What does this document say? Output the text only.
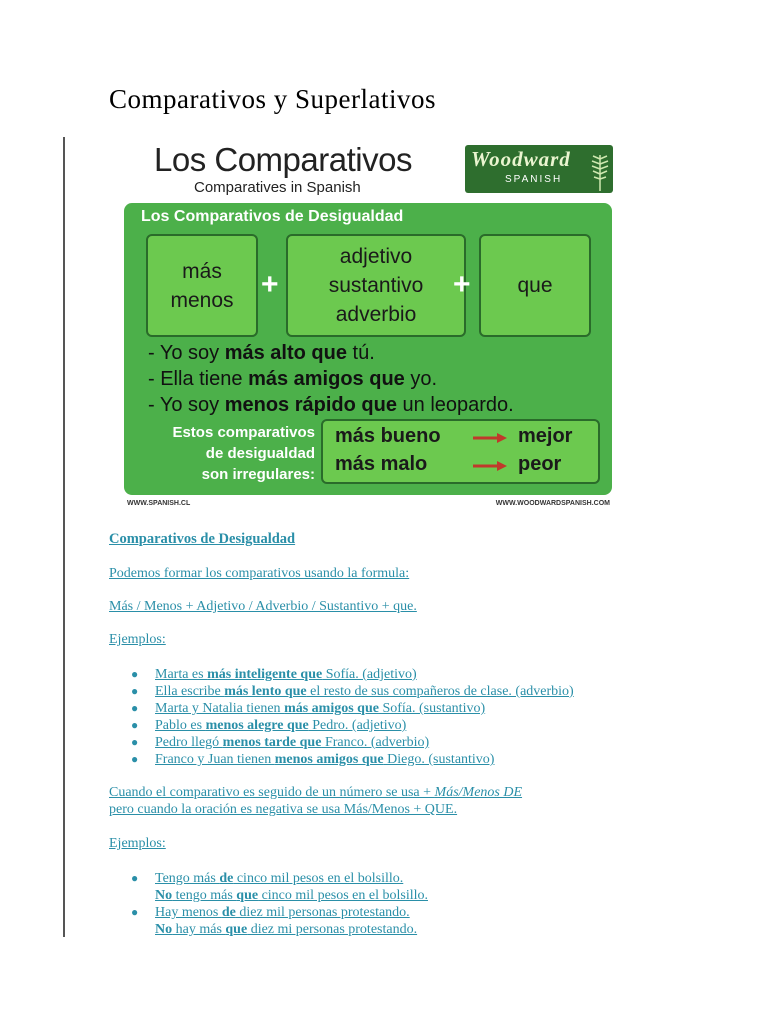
Comparativos y Superlativos
Los Comparativos
Comparatives in Spanish
Woodward
SPANISH
Los Comparativos de Desigualdad
más
menos +
adjetivo
sustantivo
adverbio
+ que
- Yo soy más alto que tú.
- Ella tiene más amigos que yo.
- Yo soy menos rápido que un leopardo.
Estos comparativos
de desigualdad
son irregulares:
más bueno	mejor
más malo	peor
WWW.SPANISH.CL	WWW.WOODWARDSPANISH.COM
Comparativos de Desigualdad
Podemos formar los comparativos usando la formula:
Más / Menos + Adjetivo / Adverbio / Sustantivo + que.
Ejemplos:
● Marta es más inteligente que Sofía. (adjetivo)
● Ella escribe más lento que el resto de sus compañeros de clase. (adverbio)
● Marta y Natalia tienen más amigos que Sofía. (sustantivo)
● Pablo es menos alegre que Pedro. (adjetivo)
● Pedro llegó menos tarde que Franco. (adverbio)
● Franco y Juan tienen menos amigos que Diego. (sustantivo)
Cuando el comparativo es seguido de un número se usa + Más/Menos DE
pero cuando la oración es negativa se usa Más/Menos + QUE.
Ejemplos:
● Tengo más de cinco mil pesos en el bolsillo.
No tengo más que cinco mil pesos en el bolsillo.
● Hay menos de diez mil personas protestando.
No hay más que diez mi personas protestando.
